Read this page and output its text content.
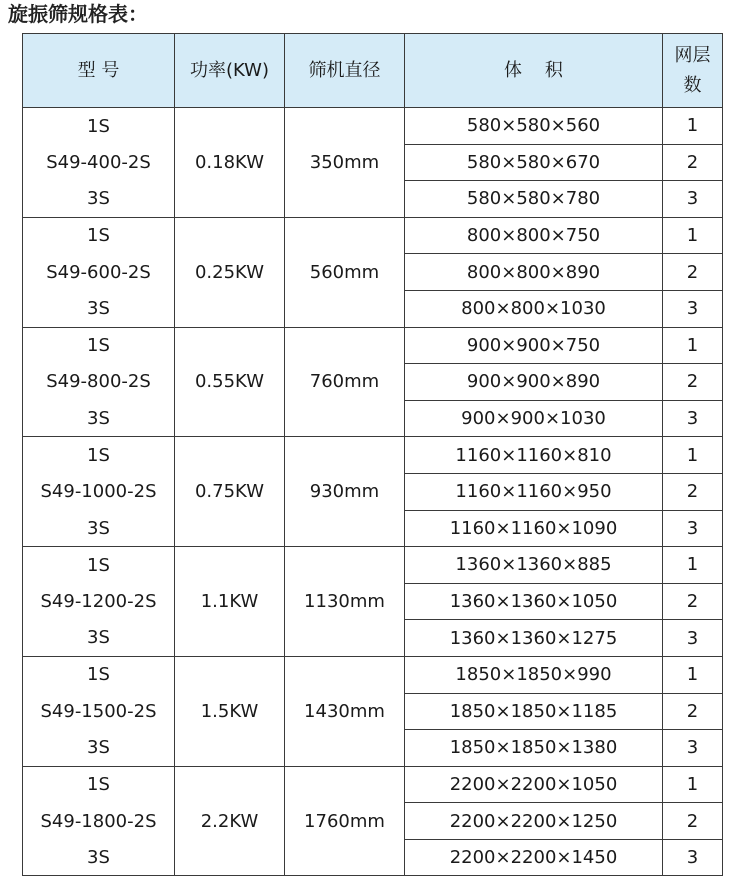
旋振筛规格表：
型 号	功率(KW)	筛机直径	体    积	网层
数

1S	0.18KW	350mm	580×580×560	1
S49-400-2S			580×580×670	2
3S			580×580×780	3
1S	0.25KW	560mm	800×800×750	1
S49-600-2S			800×800×890	2
3S			800×800×1030	3
1S	0.55KW	760mm	900×900×750	1
S49-800-2S			900×900×890	2
3S			900×900×1030	3
1S	0.75KW	930mm	1160×1160×810	1
S49-1000-2S			1160×1160×950	2
3S			1160×1160×1090	3
1S	1.1KW	1130mm	1360×1360×885	1
S49-1200-2S			1360×1360×1050	2
3S			1360×1360×1275	3
1S	1.5KW	1430mm	1850×1850×990	1
S49-1500-2S			1850×1850×1185	2
3S			1850×1850×1380	3
1S	2.2KW	1760mm	2200×2200×1050	1
S49-1800-2S			2200×2200×1250	2
3S			2200×2200×1450	3
